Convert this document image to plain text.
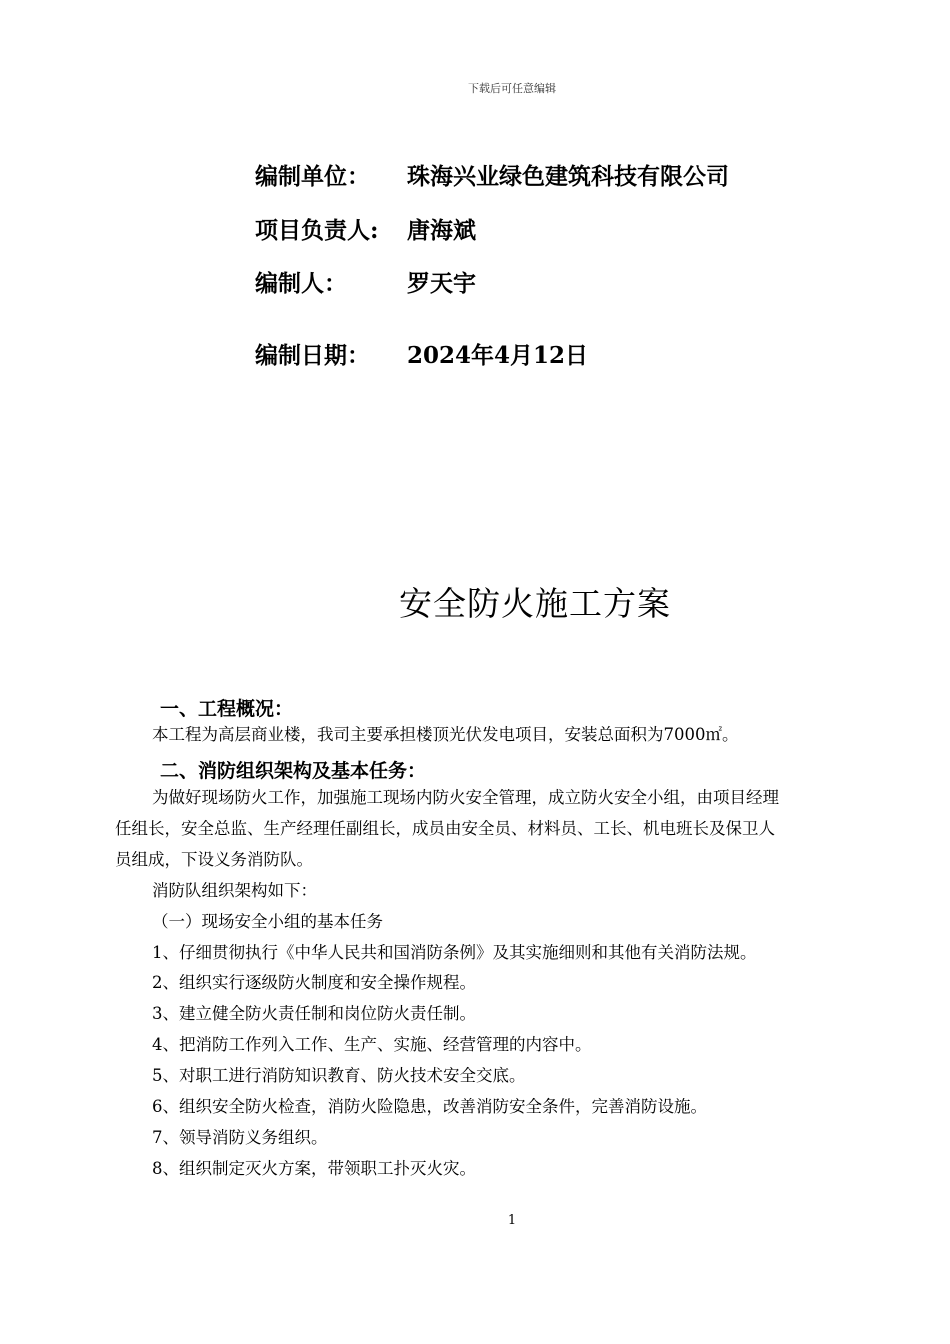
下载后可任意编辑
编制单位： 珠海兴业绿色建筑科技有限公司
项目负责人: 唐海斌
编制人：	罗天宇
编制日期： 2024年4月12日
安全防火施工方案
一、工程概况：
本工程为高层商业楼，我司主要承担楼顶光伏发电项目，安装总面积为7000㎡。
二、消防组织架构及基本任务：
为做好现场防火工作，加强施工现场内防火安全管理，成立防火安全小组，由项目经理
任组长，安全总监、生产经理任副组长，成员由安全员、材料员、工长、机电班长及保卫人
员组成，下设义务消防队。
消防队组织架构如下：
（一）现场安全小组的基本任务
1、仔细贯彻执行《中华人民共和国消防条例》及其实施细则和其他有关消防法规。
2、组织实行逐级防火制度和安全操作规程。
3、建立健全防火责任制和岗位防火责任制。
4、把消防工作列入工作、生产、实施、经营管理的内容中。
5、对职工进行消防知识教育、防火技术安全交底。
6、组织安全防火检查，消防火险隐患，改善消防安全条件，完善消防设施。
7、领导消防义务组织。
8、组织制定灭火方案，带领职工扑灭火灾。
1
